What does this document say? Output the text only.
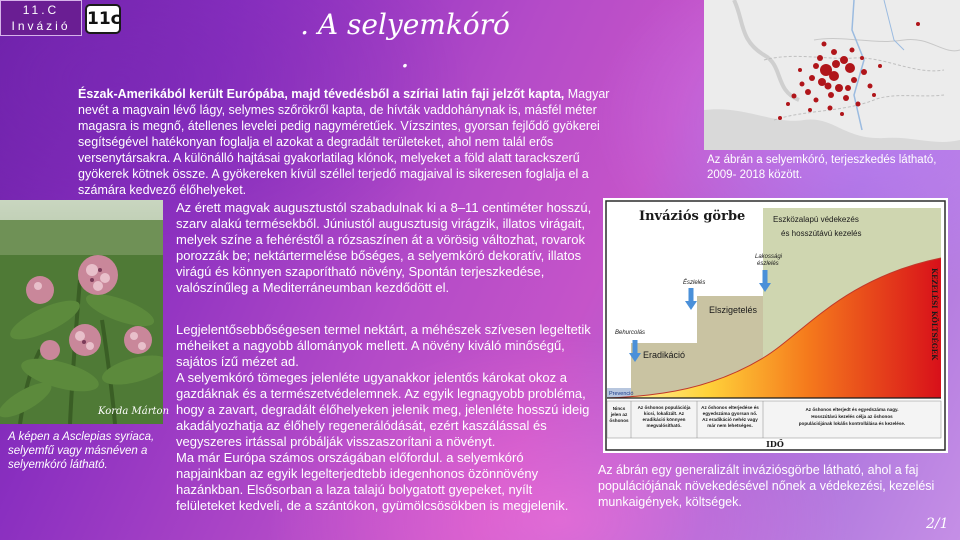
11.C
Invázió 11c	. A selyemkóró .
Észak-Amerikából került Európába, majd tévedésből a szíriai latin faji jelzőt kapta, Magyar nevét a magvain lévő lágy, selymes szőrökről kapta, de hívták vaddohánynak is, másfél méter magasra is megnő, átellenes levelei pedig nagyméretűek. Vízszintes, gyorsan fejlődő gyökerei segítségével hatékonyan foglalja el azokat a degradált területeket, ahol nem talál erős versenytársakra. A különálló hajtásai gyakorlatilag klónok, melyeket a föld alatt tarackszerű gyökerek kötnek össze. A gyökereken kívül széllel terjedő magjaival is sikeresen foglalja el a számára kedvező élőhelyeket.
Az ábrán a selyemkóró, terjeszkedés látható, 2009- 2018 között.
Korda Márton
A képen a Asclepias syriaca, selyemfű vagy másnéven a selyemkóró látható.
Az érett magvak augusztustól szabadulnak ki a 8–11 centiméter hosszú, szarv alakú termésekből. Júniustól augusztusig virágzik, illatos virágait, melyek színe a fehéréstől a rózsaszínen át a vörösig változhat, rovarok porozzák be; nektártermelése bőséges, a selyemkóró dekoratív, illatos virágú és könnyen szaporítható növény, Spontán terjeszkedése, valószínűleg a Mediterráneumban kezdődött el.
Legjelentősebbőségesen termel nektárt, a méhészek szívesen legeltetik méheiket a nagyobb állományok mellett. A növény kiváló minőségű, sajátos ízű mézet ad.
A selyemkóró tömeges jelenléte ugyanakkor jelentős károkat okoz a gazdáknak és a természetvédelemnek. Az egyik legnagyobb probléma, hogy a zavart, degradált élőhelyeken jelenik meg, jelenléte hosszú ideig akadályozhatja az élőhely regenerálódását, ezért kaszálással és vegyszeres irtással próbálják visszaszorítani a növényt.
Ma már Európa számos országában előfordul. a selyemkóró napjainkban az egyik legelterjedtebb idegenhonos özönnövény hazánkban. Elsősorban a laza talajú bolygatott gyepeket, nyílt felületeket kedveli, de a szántókon, gyümölcsösökben is megjelenik.
Inváziós görbe
Prevenció
Eradikáció
Elszigetelés
Eszközalapú védekezés
és hosszútávú kezelés
Behurcolás
Észlelés
Lakossági
észlelés
Nincs
jelen az
őshonos
Az őshonos populációja
kicsi, lokalizált. Az
eradikáció könnyen
megvalósítható.
Az őshonos elterjedése és
egyedszáma gyorsan nő.
Az eradikáció nehéz vagy
már nem lehetséges.
Az őshonos elterjedt és egyedszáma nagy.
Hosszútávú kezelés célja az őshonos
populációjának lokális kontrollálása és kezelése.
IDŐ
KEZELÉSI KÖLTSÉGEK
Az ábrán egy generalizált inváziósgörbe látható, ahol a faj populációjának növekedésével nőnek a védekezési, kezelési munkaigények, költségek.
2/1
